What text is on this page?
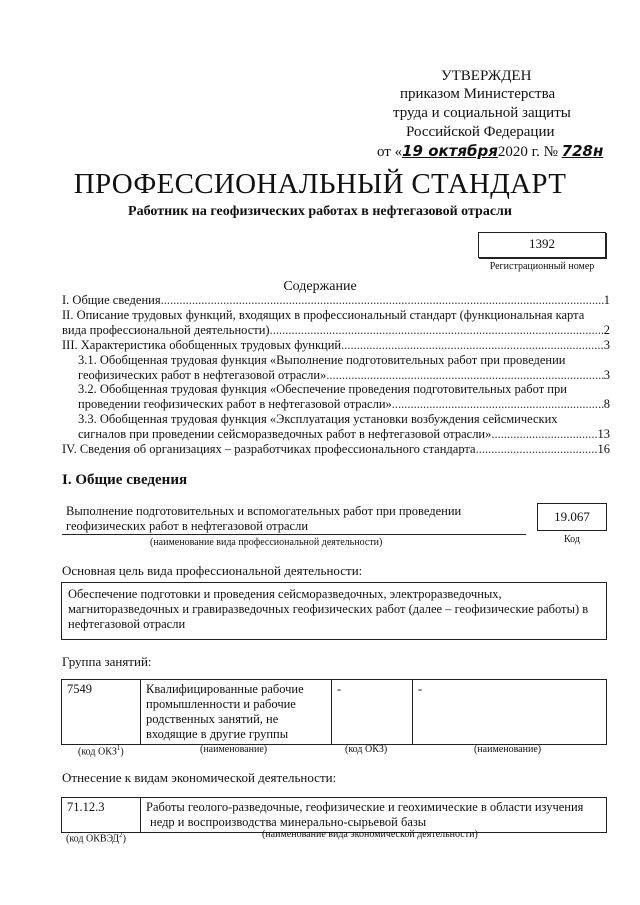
УТВЕРЖДЕН
приказом Министерства
труда и социальной защиты
Российской Федерации
от «19 октября2020 г. № 728н
ПРОФЕССИОНАЛЬНЫЙ СТАНДАРТ
Работник на геофизических работах в нефтегазовой отрасли
1392
Регистрационный номер
Содержание
I. Общие сведения .....	1
II. Описание трудовых функций, входящих в профессиональный стандарт (функциональная карта
вида профессиональной деятельности) .....	2
III. Характеристика обобщенных трудовых функций .....	3
3.1. Обобщенная трудовая функция «Выполнение подготовительных работ при проведении
геофизических работ в нефтегазовой отрасли» .....	3
3.2. Обобщенная трудовая функция «Обеспечение проведения подготовительных работ при
проведении геофизических работ в нефтегазовой отрасли» .....	8
3.3. Обобщенная трудовая функция «Эксплуатация установки возбуждения сейсмических
сигналов при проведении сейсморазведочных работ в нефтегазовой отрасли» .....	13
IV. Сведения об организациях – разработчиках профессионального стандарта .....	16
I. Общие сведения
Выполнение подготовительных и вспомогательных работ при проведении
геофизических работ в нефтегазовой отрасли
(наименование вида профессиональной деятельности)
19.067
Код
Основная цель вида профессиональной деятельности:
Обеспечение подготовки и проведения сейсморазведочных, электроразведочных, магниторазведочных и гравиразведочных геофизических работ (далее – геофизические работы) в нефтегазовой отрасли
Группа занятий:
7549	Квалифицированные рабочие
промышленности и рабочие
родственных занятий, не
входящие в другие группы
	-	-
(код ОКЗ$^1$)	(наименование)	(код ОКЗ)	(наименование)
Отнесение к видам экономической деятельности:
71.12.3	Работы геолого-разведочные, геофизические и геохимические в области изучения
недр и воспроизводства минерально-сырьевой базы
(код ОКВЭД$^2$)	(наименование вида экономической деятельности)
